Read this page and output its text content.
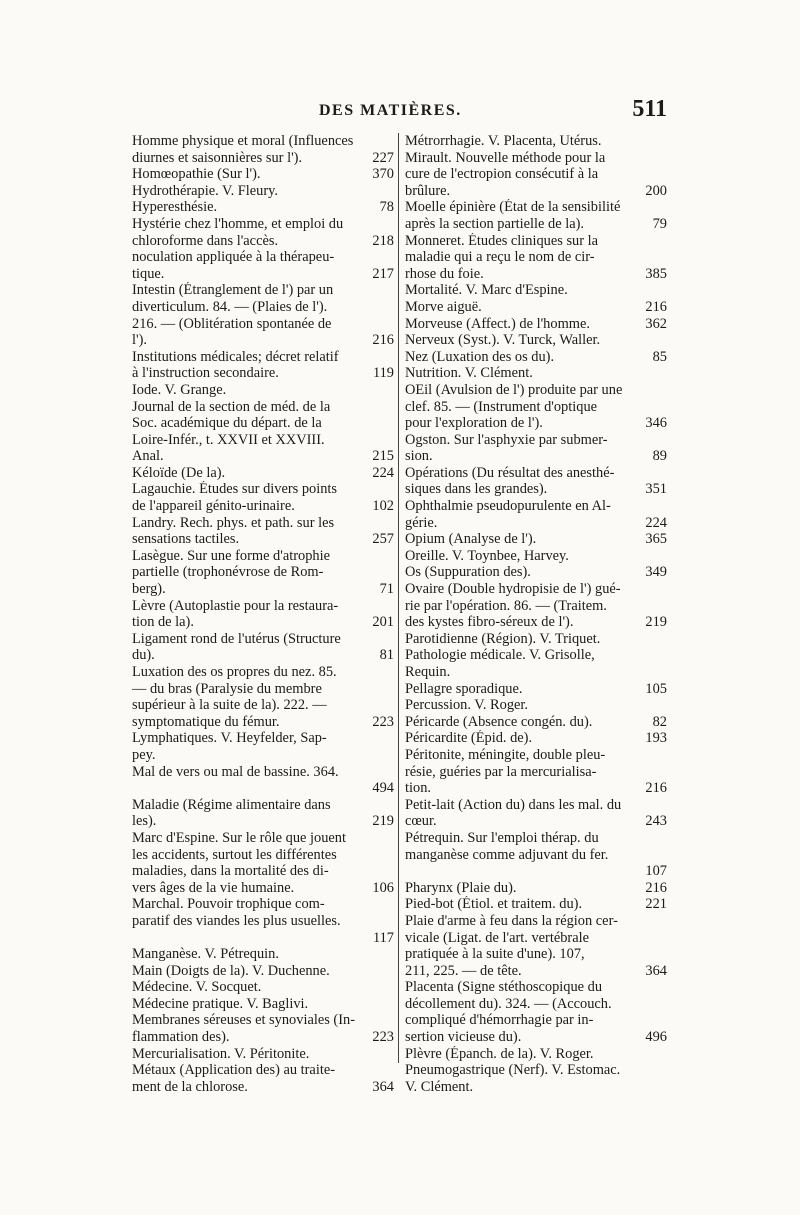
DES MATIÈRES.	511
Homme physique et moral (Influences
diurnes et saisonnières sur l').	227
Homœopathie (Sur l').	370
Hydrothérapie. V. Fleury.
Hyperesthésie.	78
Hystérie chez l'homme, et emploi du
chloroforme dans l'accès.	218
noculation appliquée à la thérapeu-
tique.	217
Intestin (Étranglement de l') par un
diverticulum. 84. — (Plaies de l').
216. — (Oblitération spontanée de
l').	216
Institutions médicales; décret relatif
à l'instruction secondaire.	119
Iode. V. Grange.
Journal de la section de méd. de la
Soc. académique du départ. de la
Loire-Infér., t. XXVII et XXVIII.
Anal.	215
Kéloïde (De la).	224
Lagauchie. Études sur divers points
de l'appareil génito-urinaire.	102
Landry. Rech. phys. et path. sur les
sensations tactiles.	257
Lasègue. Sur une forme d'atrophie
partielle (trophonévrose de Rom-
berg).	71
Lèvre (Autoplastie pour la restaura-
tion de la).	201
Ligament rond de l'utérus (Structure
du).	81
Luxation des os propres du nez. 85.
— du bras (Paralysie du membre
supérieur à la suite de la). 222. —
symptomatique du fémur.	223
Lymphatiques. V. Heyfelder, Sap-
pey.
Mal de vers ou mal de bassine. 364.
494
Maladie (Régime alimentaire dans
les).	219
Marc d'Espine. Sur le rôle que jouent
les accidents, surtout les différentes
maladies, dans la mortalité des di-
vers âges de la vie humaine.	106
Marchal. Pouvoir trophique com-
paratif des viandes les plus usuelles.
117
Manganèse. V. Pétrequin.
Main (Doigts de la). V. Duchenne.
Médecine. V. Socquet.
Médecine pratique. V. Baglivi.
Membranes séreuses et synoviales (In-
flammation des).	223
Mercurialisation. V. Péritonite.
Métaux (Application des) au traite-
ment de la chlorose.	364
Métrorrhagie. V. Placenta, Utérus.
Mirault. Nouvelle méthode pour la
cure de l'ectropion consécutif à la
brûlure.	200
Moelle épinière (État de la sensibilité
après la section partielle de la).	79
Monneret. Études cliniques sur la
maladie qui a reçu le nom de cir-
rhose du foie.	385
Mortalité. V. Marc d'Espine.
Morve aiguë.	216
Morveuse (Affect.) de l'homme.	362
Nerveux (Syst.). V. Turck, Waller.
Nez (Luxation des os du).	85
Nutrition. V. Clément.
OEil (Avulsion de l') produite par une
clef. 85. — (Instrument d'optique
pour l'exploration de l').	346
Ogston. Sur l'asphyxie par submer-
sion.	89
Opérations (Du résultat des anesthé-
siques dans les grandes).	351
Ophthalmie pseudopurulente en Al-
gérie.	224
Opium (Analyse de l').	365
Oreille. V. Toynbee, Harvey.
Os (Suppuration des).	349
Ovaire (Double hydropisie de l') gué-
rie par l'opération. 86. — (Traitem.
des kystes fibro-séreux de l').	219
Parotidienne (Région). V. Triquet.
Pathologie médicale. V. Grisolle,
Requin.
Pellagre sporadique.	105
Percussion. V. Roger.
Péricarde (Absence congén. du).	82
Péricardite (Épid. de).	193
Péritonite, méningite, double pleu-
résie, guéries par la mercurialisa-
tion.	216
Petit-lait (Action du) dans les mal. du
cœur.	243
Pétrequin. Sur l'emploi thérap. du
manganèse comme adjuvant du fer.
107
Pharynx (Plaie du).	216
Pied-bot (Étiol. et traitem. du).	221
Plaie d'arme à feu dans la région cer-
vicale (Ligat. de l'art. vertébrale
pratiquée à la suite d'une). 107,
211, 225. — de tête.	364
Placenta (Signe stéthoscopique du
décollement du). 324. — (Accouch.
compliqué d'hémorrhagie par in-
sertion vicieuse du).	496
Plèvre (Épanch. de la). V. Roger.
Pneumogastrique (Nerf). V. Estomac.
V. Clément.
